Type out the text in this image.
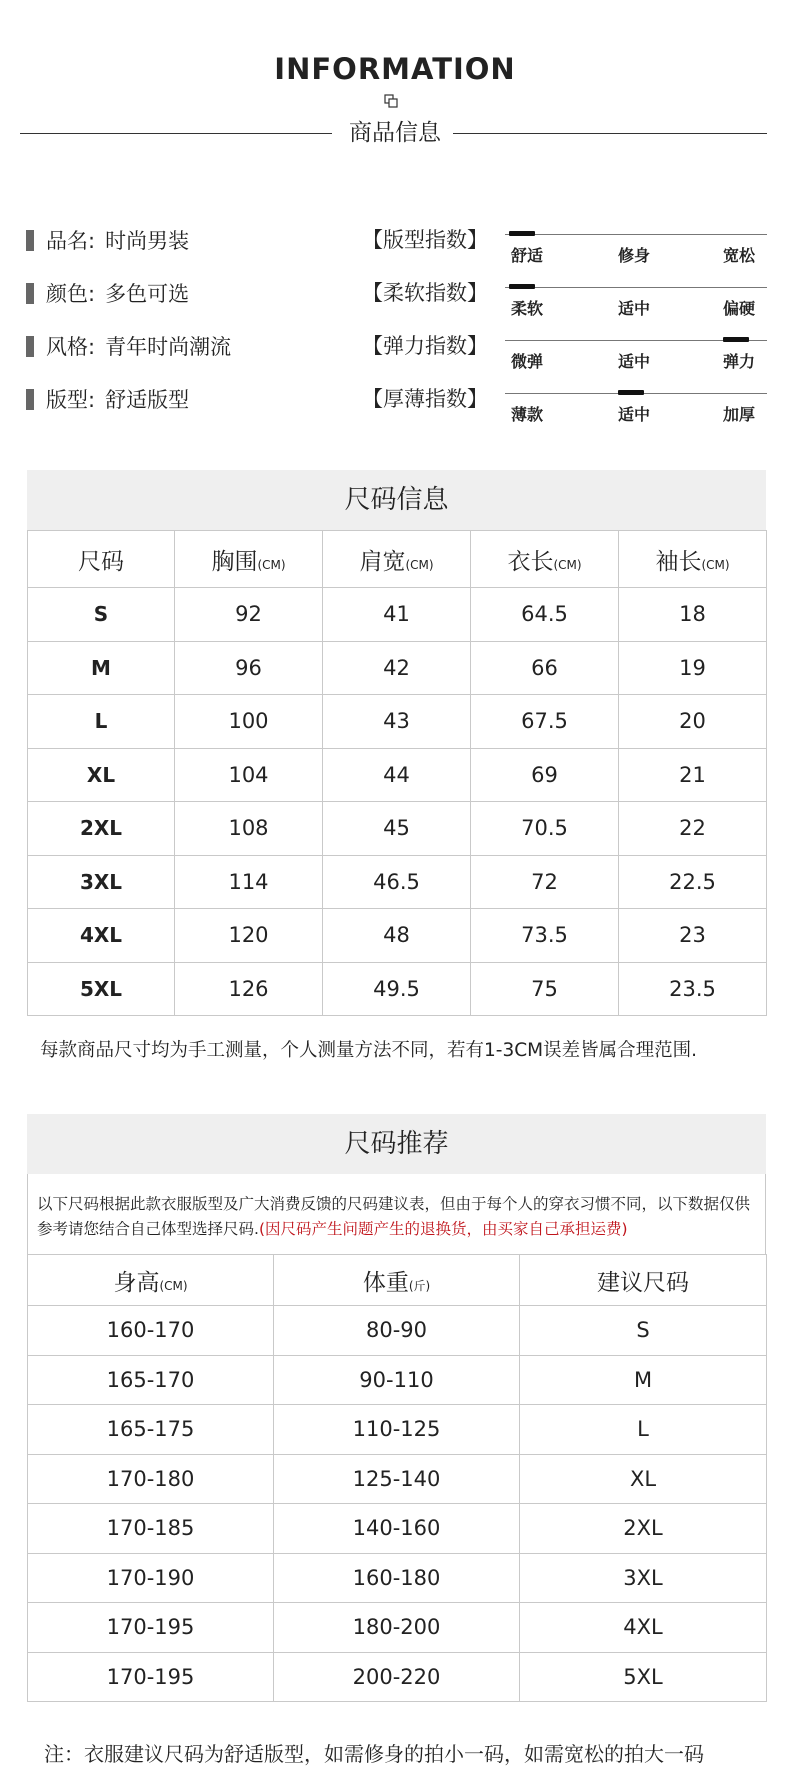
INFORMATION
商品信息
品名: 时尚男装
颜色: 多色可选
风格: 青年时尚潮流
版型: 舒适版型
【版型指数】
【柔软指数】
【弹力指数】
【厚薄指数】
舒适	修身	宽松
柔软	适中	偏硬
微弹	适中	弹力
薄款	适中	加厚
尺码信息
尺码	胸围(CM)	肩宽(CM)	衣长(CM)	袖长(CM)
S	92	41	64.5	18
M	96	42	66	19
L	100	43	67.5	20
XL	104	44	69	21
2XL	108	45	70.5	22
3XL	114	46.5	72	22.5
4XL	120	48	73.5	23
5XL	126	49.5	75	23.5
每款商品尺寸均为手工测量，个人测量方法不同，若有1-3CM误差皆属合理范围.
尺码推荐
以下尺码根据此款衣服版型及广大消费反馈的尺码建议表，但由于每个人的穿衣习惯不同，以下数据仅供参考请您结合自己体型选择尺码.(因尺码产生问题产生的退换货，由买家自己承担运费)
身高(CM)	体重(斤)	建议尺码
160-170	80-90	S
165-170	90-110	M
165-175	110-125	L
170-180	125-140	XL
170-185	140-160	2XL
170-190	160-180	3XL
170-195	180-200	4XL
170-195	200-220	5XL
注：衣服建议尺码为舒适版型，如需修身的拍小一码，如需宽松的拍大一码
